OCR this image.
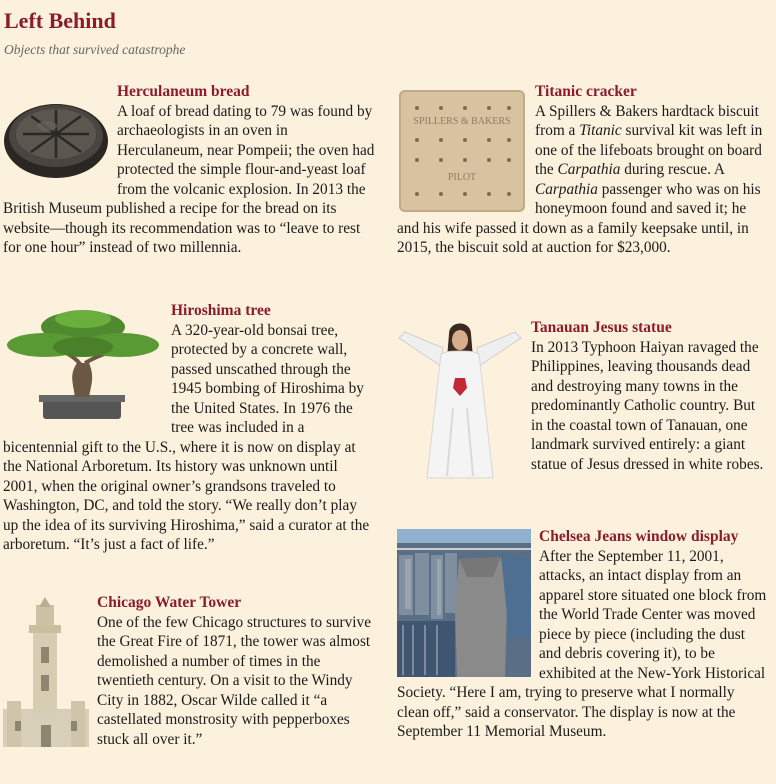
Left Behind
Objects that survived catastrophe
Herculaneum bread

A loaf of bread dating to 79 was found by archaeologists in an oven in Herculaneum, near Pompeii; the oven had protected the simple flour-and-yeast loaf from the volcanic explosion. In 2013 the British Museum published a recipe for the bread on its website—though its recommendation was to “leave to rest for one hour” instead of two millennia.

Hiroshima tree

A 320-year-old bonsai tree, protected by a concrete wall, passed unscathed through the 1945 bombing of Hiroshima by the United States. In 1976 the tree was included in a bicentennial gift to the U.S., where it is now on display at the National Arboretum. Its history was unknown until 2001, when the original owner’s grandsons traveled to Washington, DC, and told the story. “We really don’t play up the idea of its surviving Hiroshima,” said a curator at the arboretum. “It’s just a fact of life.”

Chicago Water Tower

One of the few Chicago structures to survive the Great Fire of 1871, the tower was almost demolished a number of times in the twentieth century. On a visit to the Windy City in 1882, Oscar Wilde called it “a castellated monstrosity with pepperboxes stuck all over it.”

SPILLERS & BAKERS
PILOT
Titanic cracker

A Spillers & Bakers hardtack biscuit from a Titanic survival kit was left in one of the lifeboats brought on board the Carpathia during rescue. A Carpathia passenger who was on his honeymoon found and saved it; he and his wife passed it down as a family keepsake until, in 2015, the biscuit sold at auction for $23,000.

Tanauan Jesus statue

In 2013 Typhoon Haiyan ravaged the Philippines, leaving thousands dead and destroying many towns in the predominantly Catholic country. But in the coastal town of Tanauan, one landmark survived entirely: a giant statue of Jesus dressed in white robes.

Chelsea Jeans window display

After the September 11, 2001, attacks, an intact display from an apparel store situated one block from the World Trade Center was moved piece by piece (including the dust and debris covering it), to be exhibited at the New-York Historical Society. “Here I am, trying to preserve what I normally clean off,” said a conservator. The display is now at the September 11 Memorial Museum.
